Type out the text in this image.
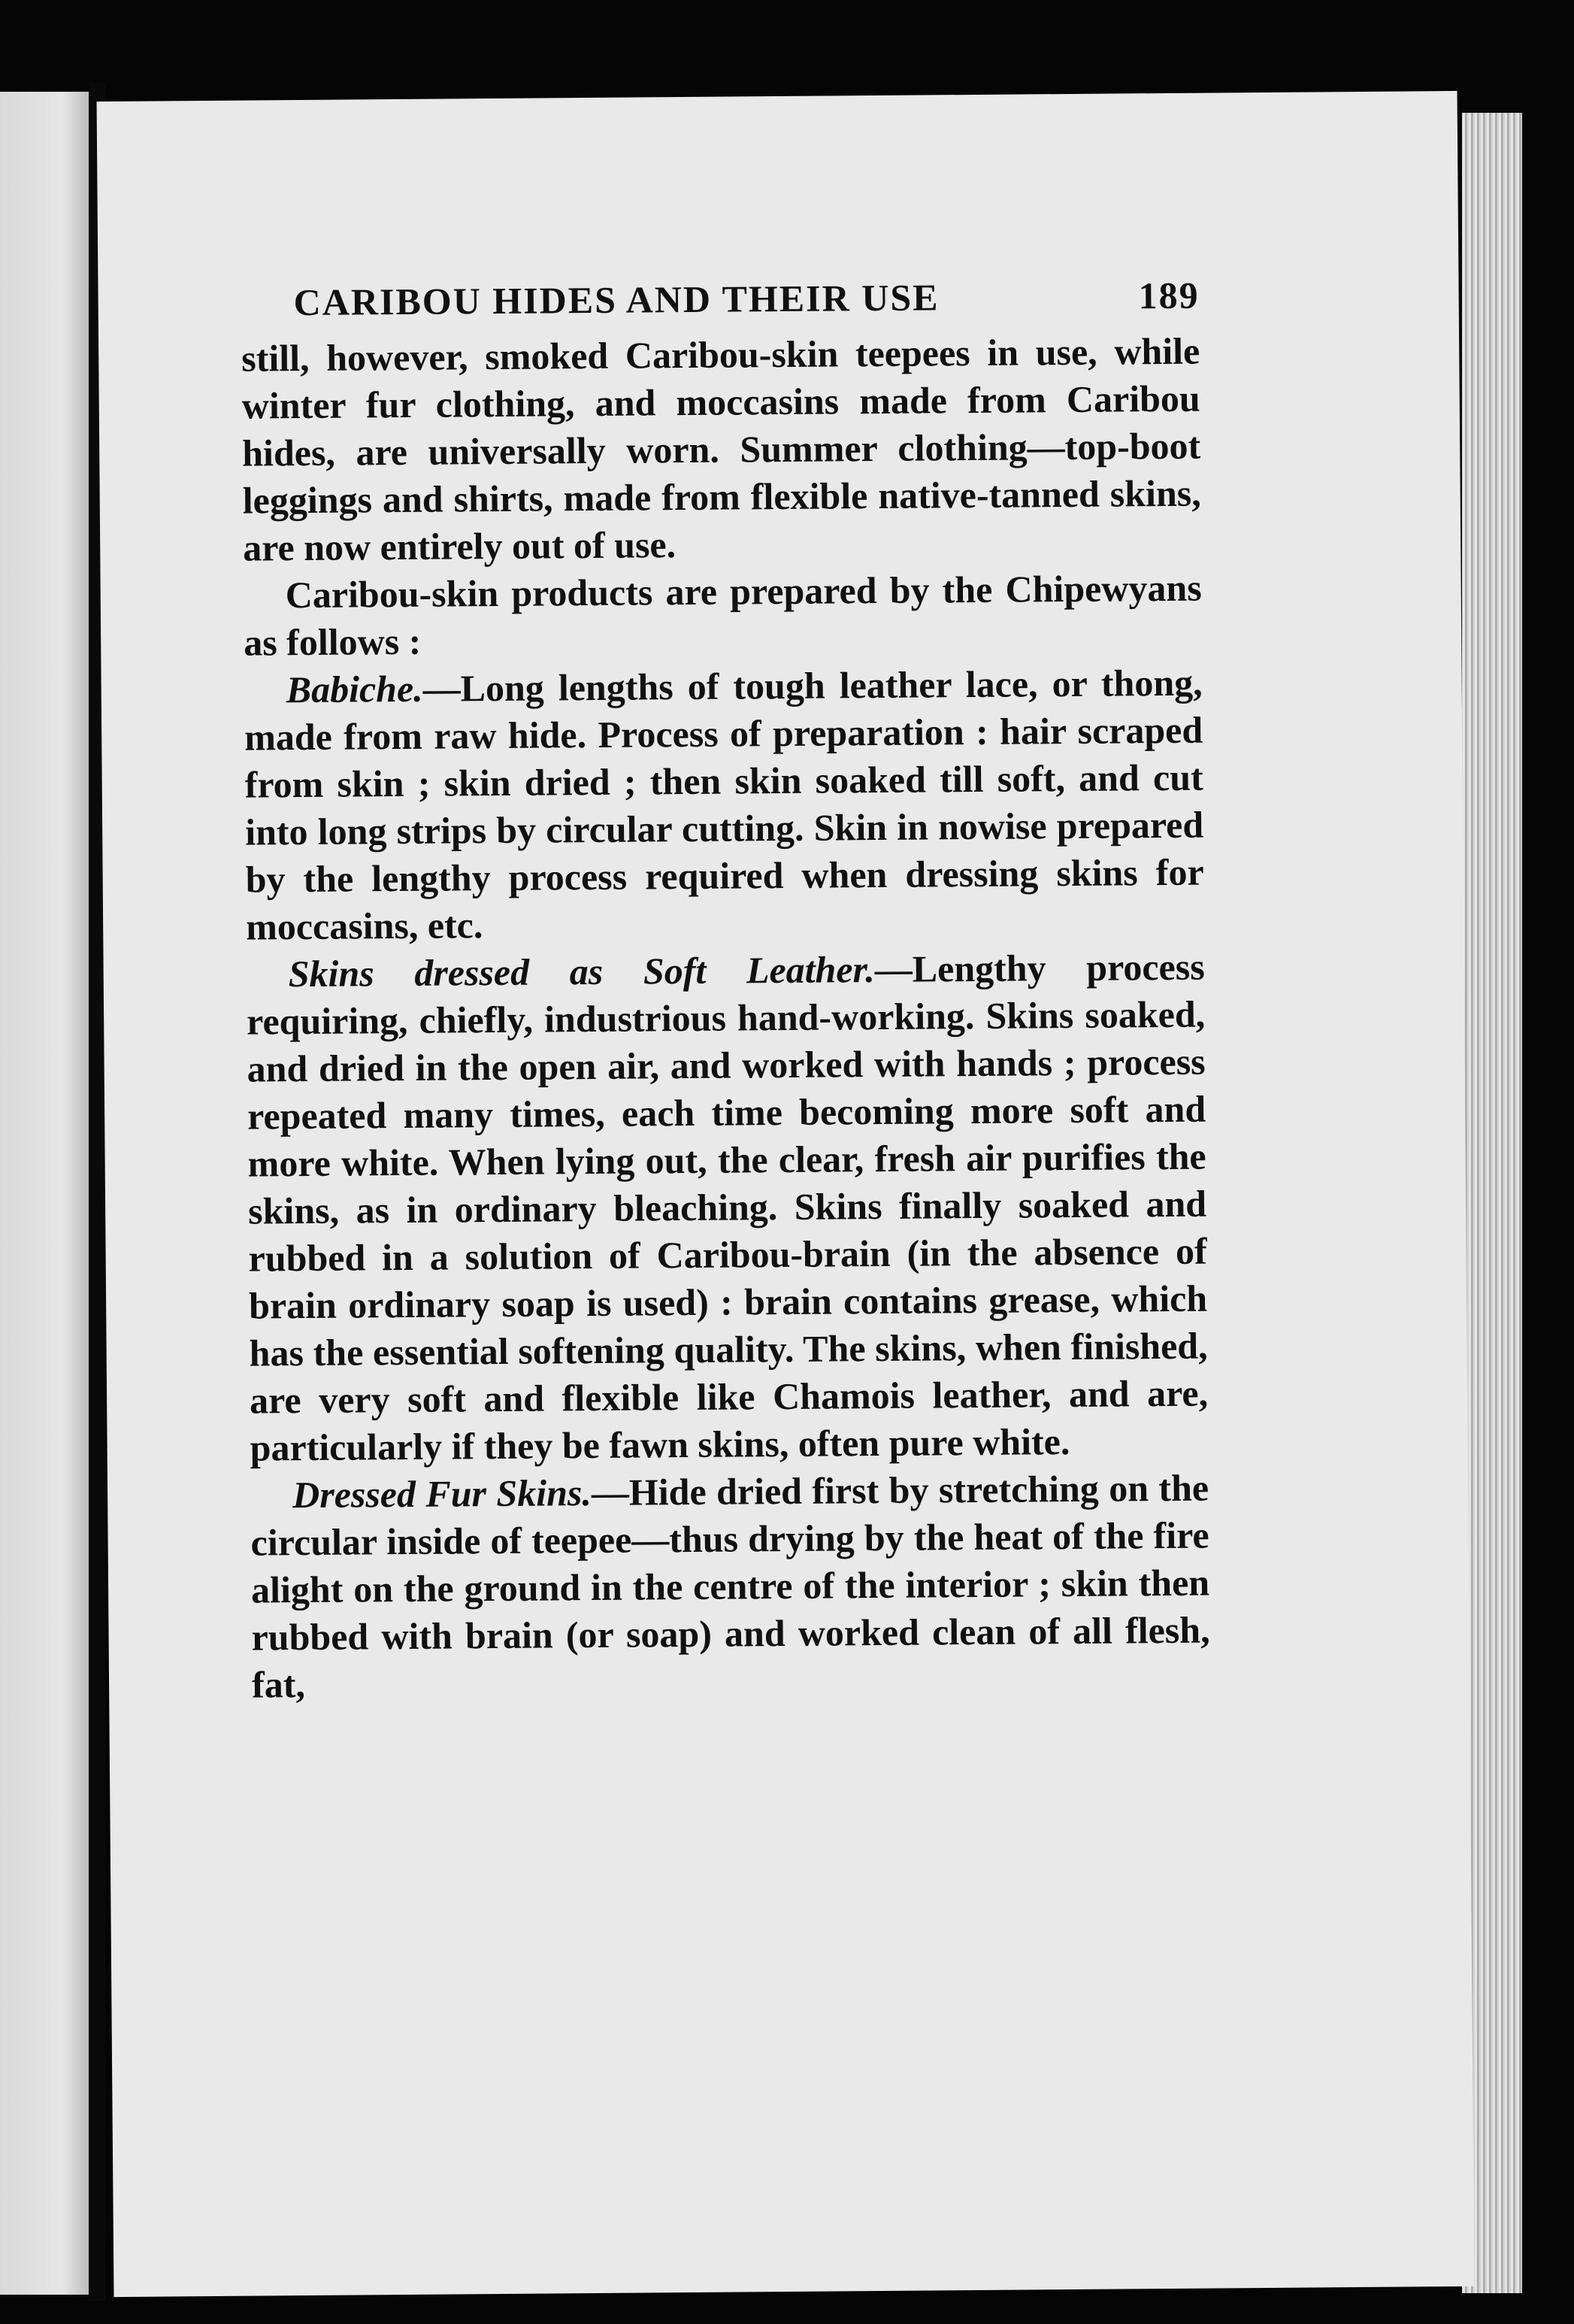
CARIBOU HIDES AND THEIR USE	189

still, however, smoked Caribou-skin teepees in use, while winter fur clothing, and moccasins made from Caribou hides, are universally worn. Summer clothing—top-boot leggings and shirts, made from flexible native-tanned skins, are now entirely out of use.

Caribou-skin products are prepared by the Chipewyans as follows :

Babiche.—Long lengths of tough leather lace, or thong, made from raw hide. Process of preparation : hair scraped from skin ; skin dried ; then skin soaked till soft, and cut into long strips by circular cutting. Skin in nowise prepared by the lengthy process required when dressing skins for moccasins, etc.

Skins dressed as Soft Leather.—Lengthy process requiring, chiefly, industrious hand-working. Skins soaked, and dried in the open air, and worked with hands ; process repeated many times, each time becoming more soft and more white. When lying out, the clear, fresh air purifies the skins, as in ordinary bleaching. Skins finally soaked and rubbed in a solution of Caribou-brain (in the absence of brain ordinary soap is used) : brain contains grease, which has the essential softening quality. The skins, when finished, are very soft and flexible like Chamois leather, and are, particularly if they be fawn skins, often pure white.

Dressed Fur Skins.—Hide dried first by stretching on the circular inside of teepee—thus drying by the heat of the fire alight on the ground in the centre of the interior ; skin then rubbed with brain (or soap) and worked clean of all flesh, fat,
